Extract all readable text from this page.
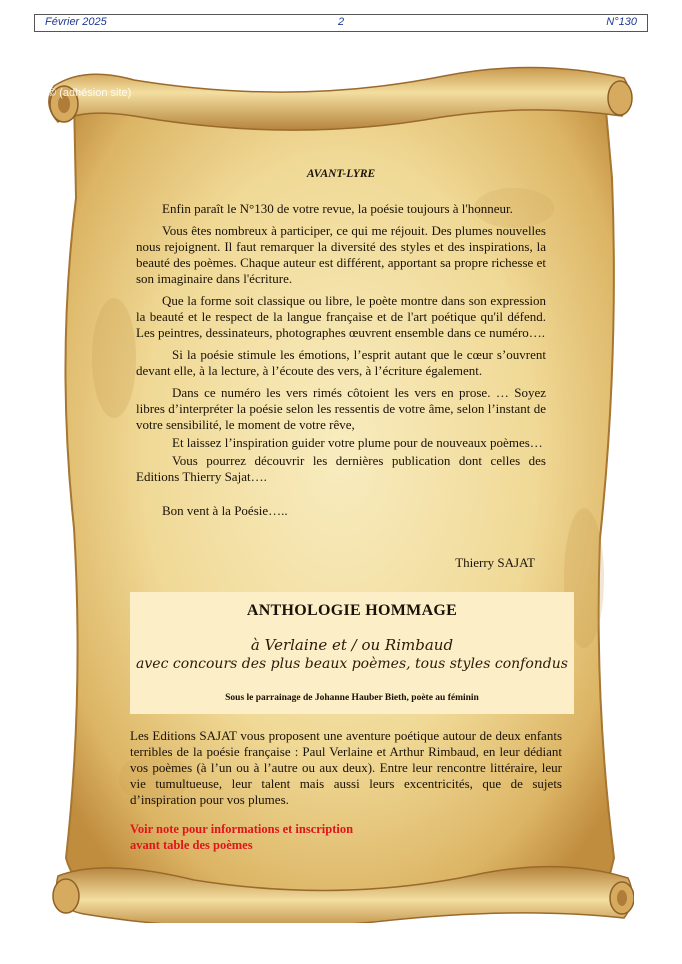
Février 2025	2	N°130
© (adhésion site)
AVANT-LYRE

Enfin paraît le N°130 de votre revue, la poésie toujours à l'honneur.

Vous êtes nombreux à participer, ce qui me réjouit. Des plumes nouvelles nous rejoignent. Il faut remarquer la diversité des styles et des inspirations, la beauté des poèmes. Chaque auteur est différent, apportant sa propre richesse et son imaginaire dans l'écriture.

Que la forme soit classique ou libre, le poète montre dans son expression la beauté et le respect de la langue française et de l'art poétique qu'il défend. Les peintres, dessinateurs, photographes œuvrent ensemble dans ce numéro….

Si la poésie stimule les émotions, l’esprit autant que le cœur s’ouvrent devant elle, à la lecture, à l’écoute des vers, à l’écriture également.

Dans ce numéro les vers rimés côtoient les vers en prose. … Soyez libres d’interpréter la poésie selon les ressentis de votre âme, selon l’instant de votre sensibilité, le moment de votre rêve,

Et laissez l’inspiration guider votre plume pour de nouveaux poèmes…

Vous pourrez découvrir les dernières publication dont celles des Editions Thierry Sajat….

Bon vent à la Poésie…..

Thierry SAJAT
ANTHOLOGIE HOMMAGE
à Verlaine et / ou Rimbaud
avec concours des plus beaux poèmes, tous styles confondus
Sous le parrainage de Johanne Hauber Bieth, poète au féminin
Les Editions SAJAT vous proposent une aventure poétique autour de deux enfants terribles de la poésie française : Paul Verlaine et Arthur Rimbaud, en leur dédiant vos poèmes (à l’un ou à l’autre ou aux deux). Entre leur rencontre littéraire, leur vie tumultueuse, leur talent mais aussi leurs excentricités, que de sujets d’inspiration pour vos plumes.
Voir note pour informations et inscription
avant table des poèmes
